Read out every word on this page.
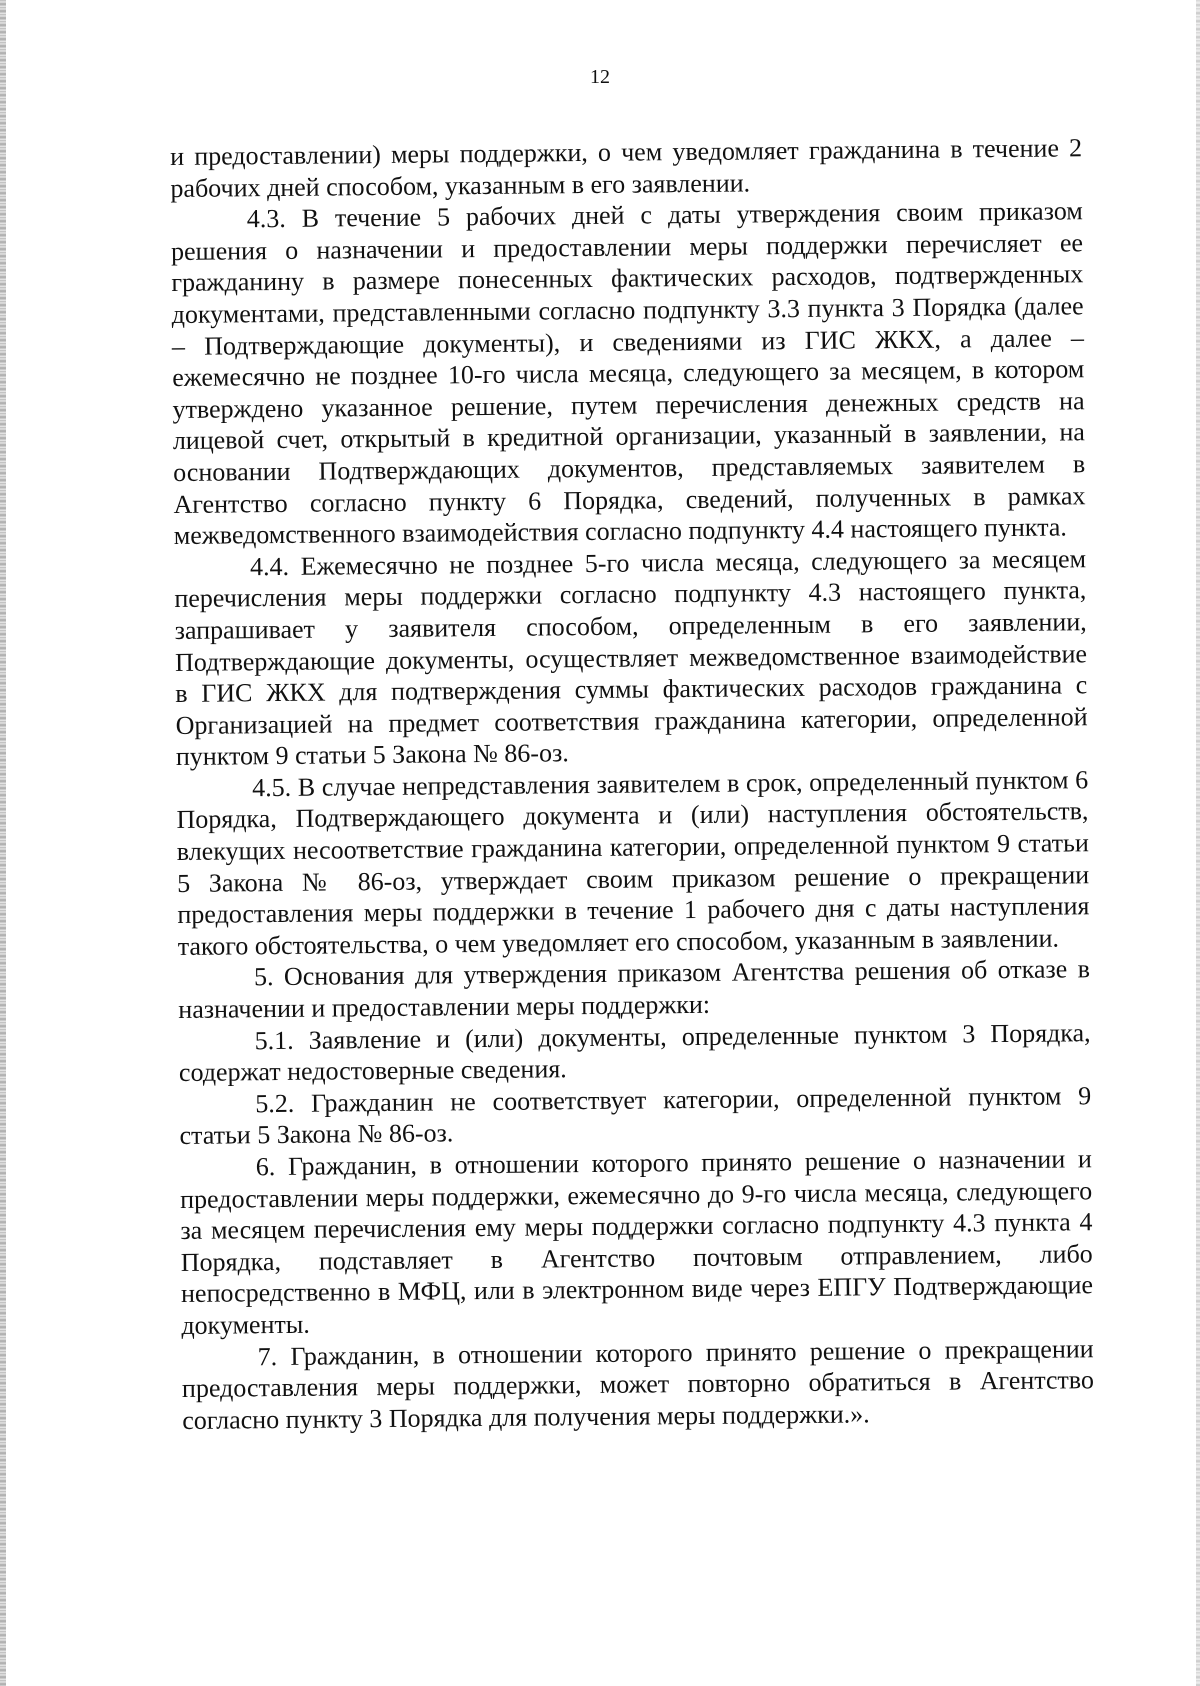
12

и предоставлении) меры поддержки, о чем уведомляет гражданина в течение 2 рабочих дней способом, указанным в его заявлении.

4.3. В течение 5 рабочих дней с даты утверждения своим приказом решения о назначении и предоставлении меры поддержки перечисляет ее гражданину в размере понесенных фактических расходов, подтвержденных документами, представленными согласно подпункту 3.3 пункта 3 Порядка (далее – Подтверждающие документы), и сведениями из ГИС ЖКХ, а далее – ежемесячно не позднее 10-го числа месяца, следующего за месяцем, в котором утверждено указанное решение, путем перечисления денежных средств на лицевой счет, открытый в кредитной организации, указанный в заявлении, на основании Подтверждающих документов, представляемых заявителем в Агентство согласно пункту 6 Порядка, сведений, полученных в рамках межведомственного взаимодействия согласно подпункту 4.4 настоящего пункта.

4.4. Ежемесячно не позднее 5-го числа месяца, следующего за месяцем перечисления меры поддержки согласно подпункту 4.3 настоящего пункта, запрашивает у заявителя способом, определенным в его заявлении, Подтверждающие документы, осуществляет межведомственное взаимодействие в ГИС ЖКХ для подтверждения суммы фактических расходов гражданина с Организацией на предмет соответствия гражданина категории, определенной пунктом 9 статьи 5 Закона № 86-оз.

4.5. В случае непредставления заявителем в срок, определенный пунктом 6 Порядка, Подтверждающего документа и (или) наступления обстоятельств, влекущих несоответствие гражданина категории, определенной пунктом 9 статьи 5 Закона № 86-оз, утверждает своим приказом решение о прекращении предоставления меры поддержки в течение 1 рабочего дня с даты наступления такого обстоятельства, о чем уведомляет его способом, указанным в заявлении.

5. Основания для утверждения приказом Агентства решения об отказе в назначении и предоставлении меры поддержки:

5.1. Заявление и (или) документы, определенные пунктом 3 Порядка, содержат недостоверные сведения.

5.2. Гражданин не соответствует категории, определенной пунктом 9 статьи 5 Закона № 86-оз.

6. Гражданин, в отношении которого принято решение о назначении и предоставлении меры поддержки, ежемесячно до 9-го числа месяца, следующего за месяцем перечисления ему меры поддержки согласно подпункту 4.3 пункта 4 Порядка, подставляет в Агентство почтовым отправлением, либо непосредственно в МФЦ, или в электронном виде через ЕПГУ Подтверждающие документы.

7. Гражданин, в отношении которого принято решение о прекращении предоставления меры поддержки, может повторно обратиться в Агентство согласно пункту 3 Порядка для получения меры поддержки.».
